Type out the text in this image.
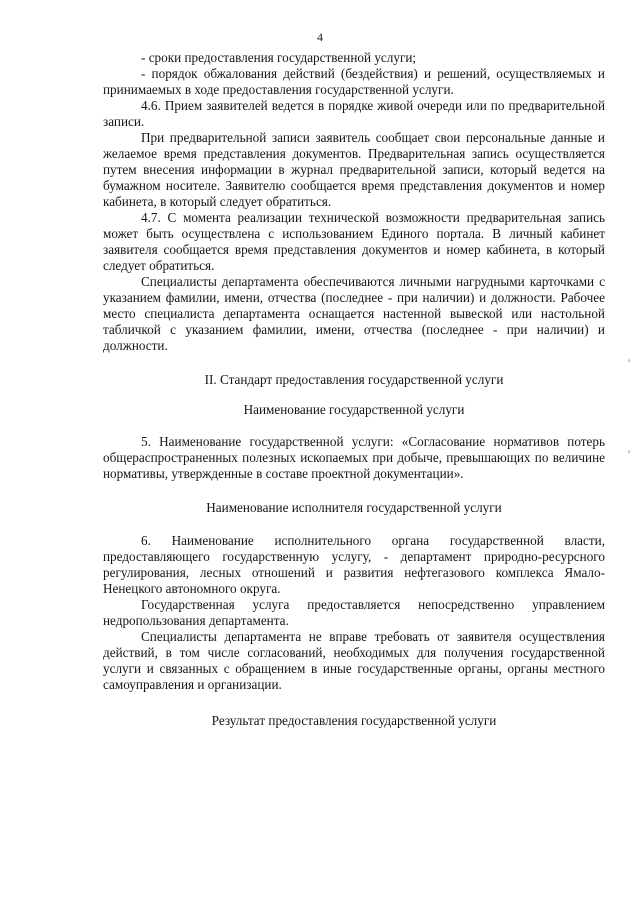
4

- сроки предоставления государственной услуги;

- порядок обжалования действий (бездействия) и решений, осуществляемых и принимаемых в ходе предоставления государственной услуги.

4.6. Прием заявителей ведется в порядке живой очереди или по предварительной записи.

При предварительной записи заявитель сообщает свои персональные данные и желаемое время представления документов. Предварительная запись осуществляется путем внесения информации в журнал предварительной записи, который ведется на бумажном носителе. Заявителю сообщается время представления документов и номер кабинета, в который следует обратиться.

4.7. С момента реализации технической возможности предварительная запись может быть осуществлена с использованием Единого портала. В личный кабинет заявителя сообщается время представления документов и номер кабинета, в который следует обратиться.

Специалисты департамента обеспечиваются личными нагрудными карточками с указанием фамилии, имени, отчества (последнее - при наличии) и должности. Рабочее место специалиста департамента оснащается настенной вывеской или настольной табличкой с указанием фамилии, имени, отчества (последнее - при наличии) и должности.

II. Стандарт предоставления государственной услуги

Наименование государственной услуги

5. Наименование государственной услуги: «Согласование нормативов потерь общераспространенных полезных ископаемых при добыче, превышающих по величине нормативы, утвержденные в составе проектной документации».

Наименование исполнителя государственной услуги

6. Наименование исполнительного органа государственной власти, предоставляющего государственную услугу, - департамент природно-ресурсного регулирования, лесных отношений и развития нефтегазового комплекса Ямало-Ненецкого автономного округа.

Государственная услуга предоставляется непосредственно управлением недропользования департамента.

Специалисты департамента не вправе требовать от заявителя осуществления действий, в том числе согласований, необходимых для получения государственной услуги и связанных с обращением в иные государственные органы, органы местного самоуправления и организации.

Результат предоставления государственной услуги

'
'
